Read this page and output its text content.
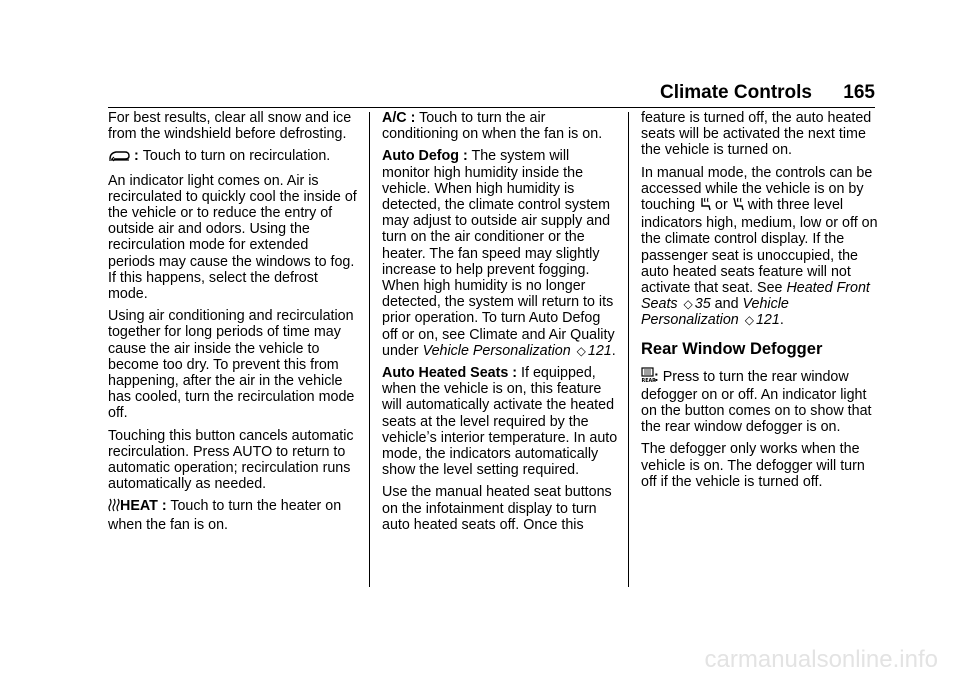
Climate Controls 165

For best results, clear all snow and ice from the windshield before defrosting.

: Touch to turn on recirculation.

An indicator light comes on. Air is recirculated to quickly cool the inside of the vehicle or to reduce the entry of outside air and odors. Using the recirculation mode for extended periods may cause the windows to fog. If this happens, select the defrost mode.

Using air conditioning and recirculation together for long periods of time may cause the air inside the vehicle to become too dry. To prevent this from happening, after the air in the vehicle has cooled, turn the recirculation mode off.

Touching this button cancels automatic recirculation. Press AUTO to return to automatic operation; recirculation runs automatically as needed.

HEAT : Touch to turn the heater on when the fan is on.

A/C : Touch to turn the air conditioning on when the fan is on.

Auto Defog : The system will monitor high humidity inside the vehicle. When high humidity is detected, the climate control system may adjust to outside air supply and turn on the air conditioner or the heater. The fan speed may slightly increase to help prevent fogging. When high humidity is no longer detected, the system will return to its prior operation. To turn Auto Defog off or on, see Climate and Air Quality under Vehicle Personalization ◇ 121.

Auto Heated Seats : If equipped, when the vehicle is on, this feature will automatically activate the heated seats at the level required by the vehicleʼs interior temperature. In auto mode, the indicators automatically show the level setting required.

Use the manual heated seat buttons on the infotainment display to turn auto heated seats off. Once this

feature is turned off, the auto heated seats will be activated the next time the vehicle is turned on.

In manual mode, the controls can be accessed while the vehicle is on by touching or with three level indicators high, medium, low or off on the climate control display. If the passenger seat is unoccupied, the auto heated seats feature will not activate that seat. See Heated Front Seats ◇ 35 and Vehicle Personalization ◇ 121.

Rear Window Defogger

REAR
: Press to turn the rear window defogger on or off. An indicator light on the button comes on to show that the rear window defogger is on.

The defogger only works when the vehicle is on. The defogger will turn off if the vehicle is turned off.

carmanualsonline.info
